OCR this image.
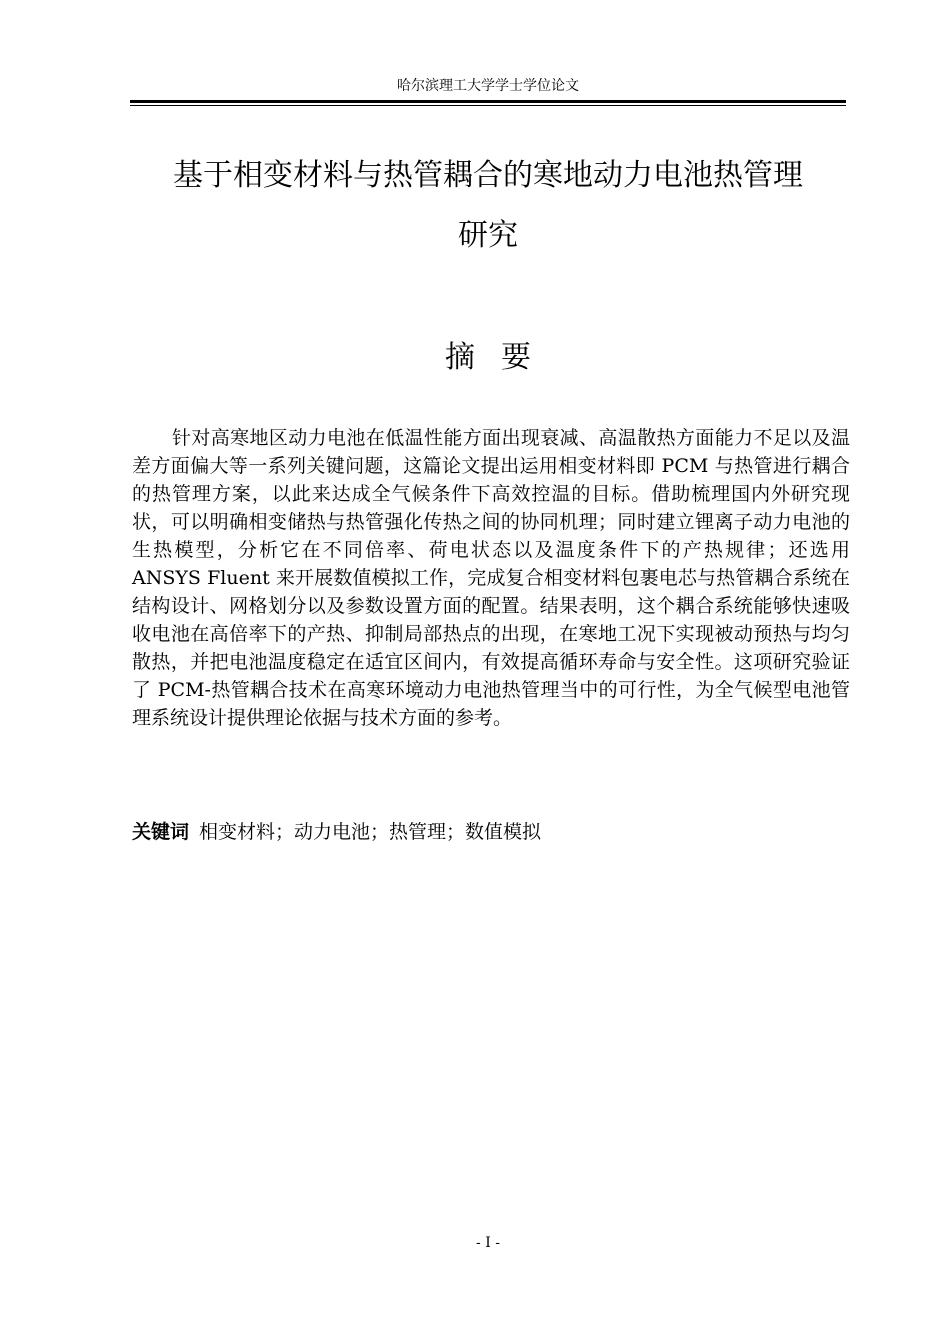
哈尔滨理工大学学士学位论文
基于相变材料与热管耦合的寒地动力电池热管理
研究
摘要

针对高寒地区动力电池在低温性能方面出现衰减、高温散热方面能力不足以及温差方面偏大等一系列关键问题，这篇论文提出运用相变材料即 PCM 与热管进行耦合的热管理方案，以此来达成全气候条件下高效控温的目标。借助梳理国内外研究现状，可以明确相变储热与热管强化传热之间的协同机理；同时建立锂离子动力电池的生热模型，分析它在不同倍率、荷电状态以及温度条件下的产热规律；还选用 ANSYS Fluent 来开展数值模拟工作，完成复合相变材料包裹电芯与热管耦合系统在结构设计、网格划分以及参数设置方面的配置。结果表明，这个耦合系统能够快速吸收电池在高倍率下的产热、抑制局部热点的出现，在寒地工况下实现被动预热与均匀散热，并把电池温度稳定在适宜区间内，有效提高循环寿命与安全性。这项研究验证了 PCM-热管耦合技术在高寒环境动力电池热管理当中的可行性，为全气候型电池管理系统设计提供理论依据与技术方面的参考。

关键词 相变材料；动力电池；热管理；数值模拟
- I -
